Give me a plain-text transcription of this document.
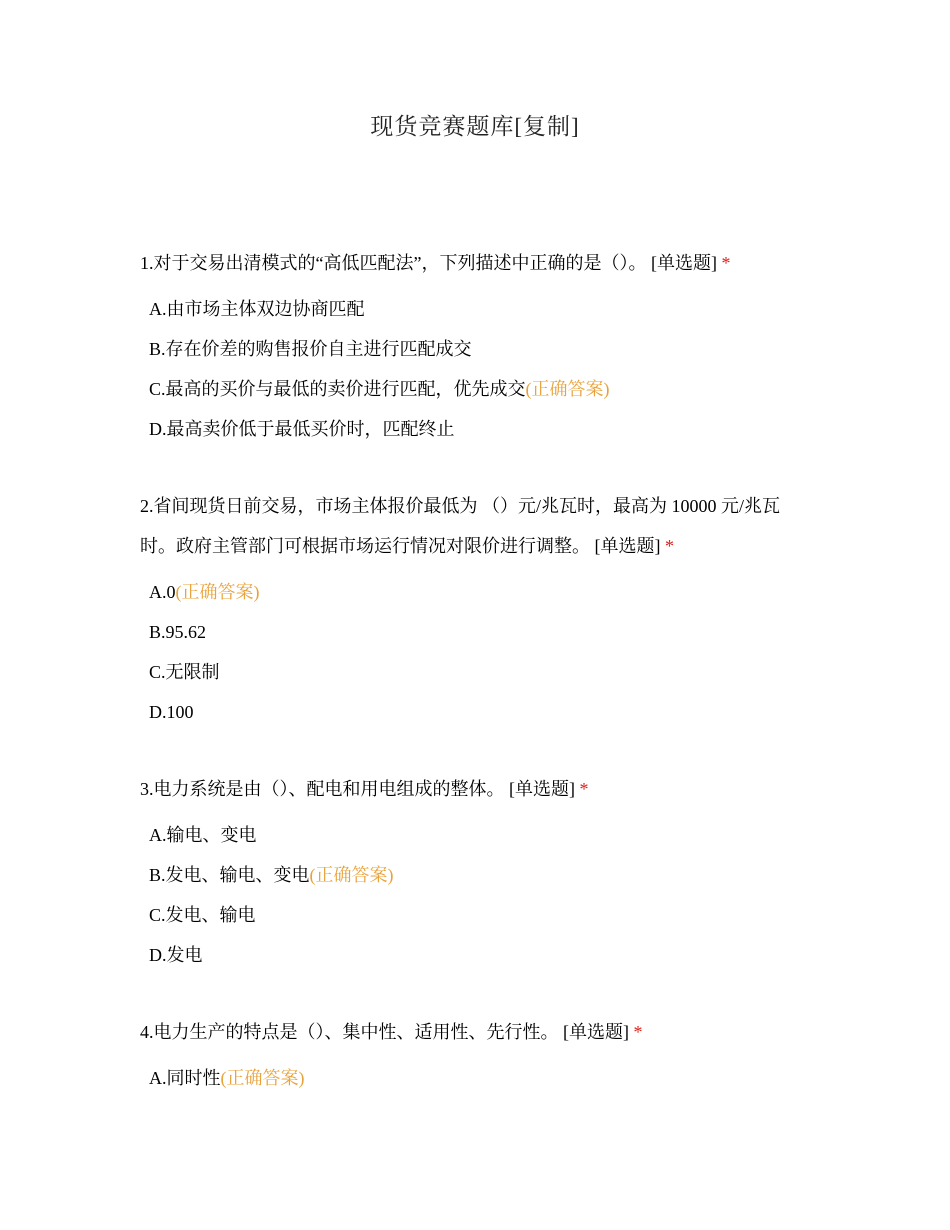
现货竞赛题库[复制]

1.对于交易出清模式的“高低匹配法”，下列描述中正确的是（）。 [单选题] *

A.由市场主体双边协商匹配
B.存在价差的购售报价自主进行匹配成交
C.最高的买价与最低的卖价进行匹配，优先成交(正确答案)
D.最高卖价低于最低买价时，匹配终止

2.省间现货日前交易，市场主体报价最低为 （）元/兆瓦时，最高为 10000 元/兆瓦时。政府主管部门可根据市场运行情况对限价进行调整。 [单选题] *

A.0(正确答案)
B.95.62
C.无限制
D.100

3.电力系统是由（）、配电和用电组成的整体。 [单选题] *

A.输电、变电
B.发电、输电、变电(正确答案)
C.发电、输电
D.发电

4.电力生产的特点是（）、集中性、适用性、先行性。 [单选题] *

A.同时性(正确答案)
